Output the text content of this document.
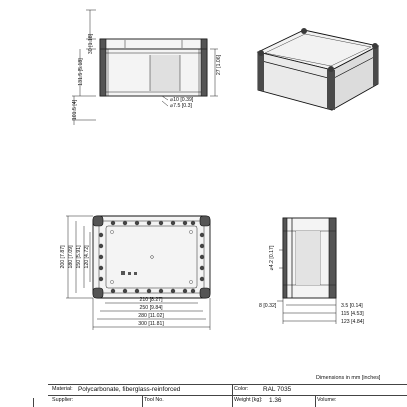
30 [1.18]
131.5 [5.18]
101.5 [4]
27 [1.06]
⌀10 [0.39]
⌀7.5 [0.3]
200 [7.87]
180 [7.09]
150 [5.91]
120 [4.72]
210 [8.27]
250 [9.84]
280 [11.02]
300 [11.81]
⌀4.2 [0.17]
8 [0.32]	3.5 [0.14]
115 [4.53]
123 [4.84]
Dimensions in mm [inches]
Material: Polycarbonate, fiberglass-reinforced	Color: RAL 7035
Supplier:	Tool No.	Weight [kg]: 1.36	Volume:
